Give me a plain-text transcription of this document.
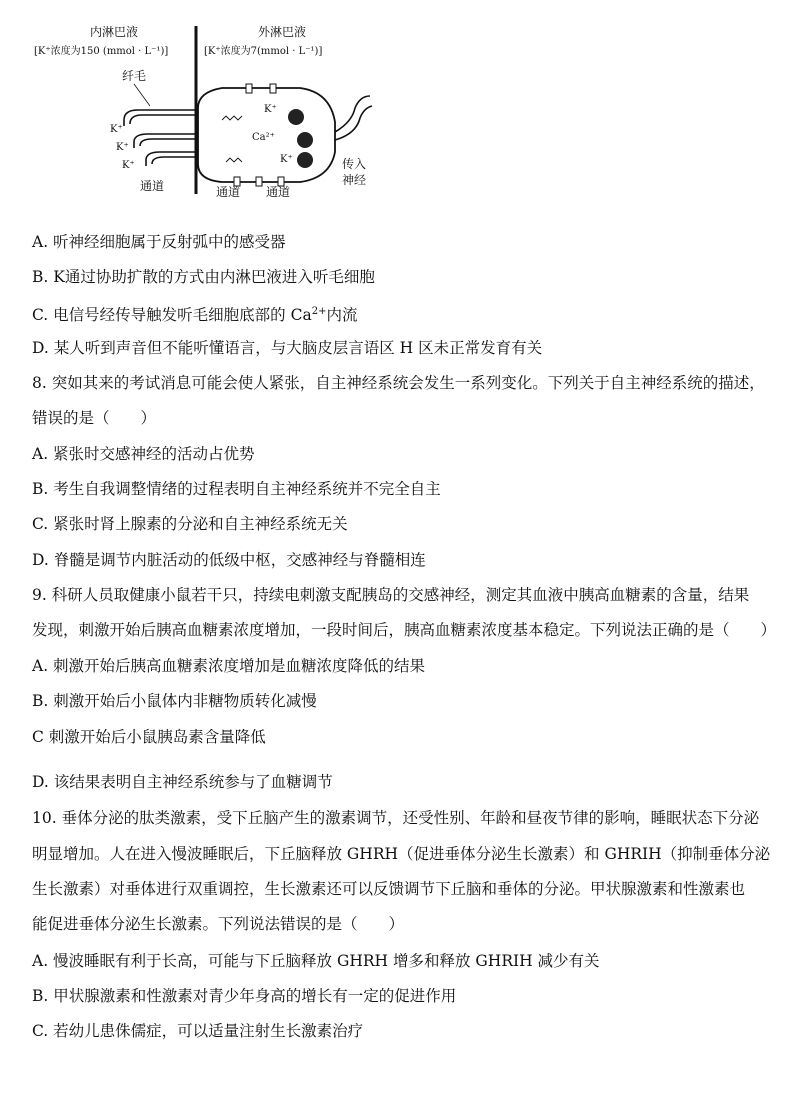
内淋巴液
[K⁺浓度为150 (mmol · L⁻¹)]
外淋巴液
[K⁺浓度为7(mmol · L⁻¹)]
纤毛
K⁺
K⁺
K⁺
K⁺
K⁺
Ca²⁺
传入
神经
通道	通道 通道
A. 听神经细胞属于反射弧中的感受器
B. K通过协助扩散的方式由内淋巴液进入听毛细胞
C. 电信号经传导触发听毛细胞底部的 $Ca^{2+}$内流
D. 某人听到声音但不能听懂语言，与大脑皮层言语区 H 区未正常发育有关
8. 突如其来的考试消息可能会使人紧张，自主神经系统会发生一系列变化。下列关于自主神经系统的描述，
错误的是（　　）
A. 紧张时交感神经的活动占优势
B. 考生自我调整情绪的过程表明自主神经系统并不完全自主
C. 紧张时肾上腺素的分泌和自主神经系统无关
D. 脊髓是调节内脏活动的低级中枢，交感神经与脊髓相连
9. 科研人员取健康小鼠若干只，持续电刺激支配胰岛的交感神经，测定其血液中胰高血糖素的含量，结果
发现，刺激开始后胰高血糖素浓度增加，一段时间后，胰高血糖素浓度基本稳定。下列说法正确的是（　　）
A. 刺激开始后胰高血糖素浓度增加是血糖浓度降低的结果
B. 刺激开始后小鼠体内非糖物质转化减慢
C 刺激开始后小鼠胰岛素含量降低
D. 该结果表明自主神经系统参与了血糖调节
10. 垂体分泌的肽类激素，受下丘脑产生的激素调节，还受性别、年龄和昼夜节律的影响，睡眠状态下分泌
明显增加。人在进入慢波睡眠后，下丘脑释放 GHRH（促进垂体分泌生长激素）和 GHRIH（抑制垂体分泌
生长激素）对垂体进行双重调控，生长激素还可以反馈调节下丘脑和垂体的分泌。甲状腺激素和性激素也
能促进垂体分泌生长激素。下列说法错误的是（　　）
A. 慢波睡眠有利于长高，可能与下丘脑释放 GHRH 增多和释放 GHRIH 减少有关
B. 甲状腺激素和性激素对青少年身高的增长有一定的促进作用
C. 若幼儿患侏儒症，可以适量注射生长激素治疗
